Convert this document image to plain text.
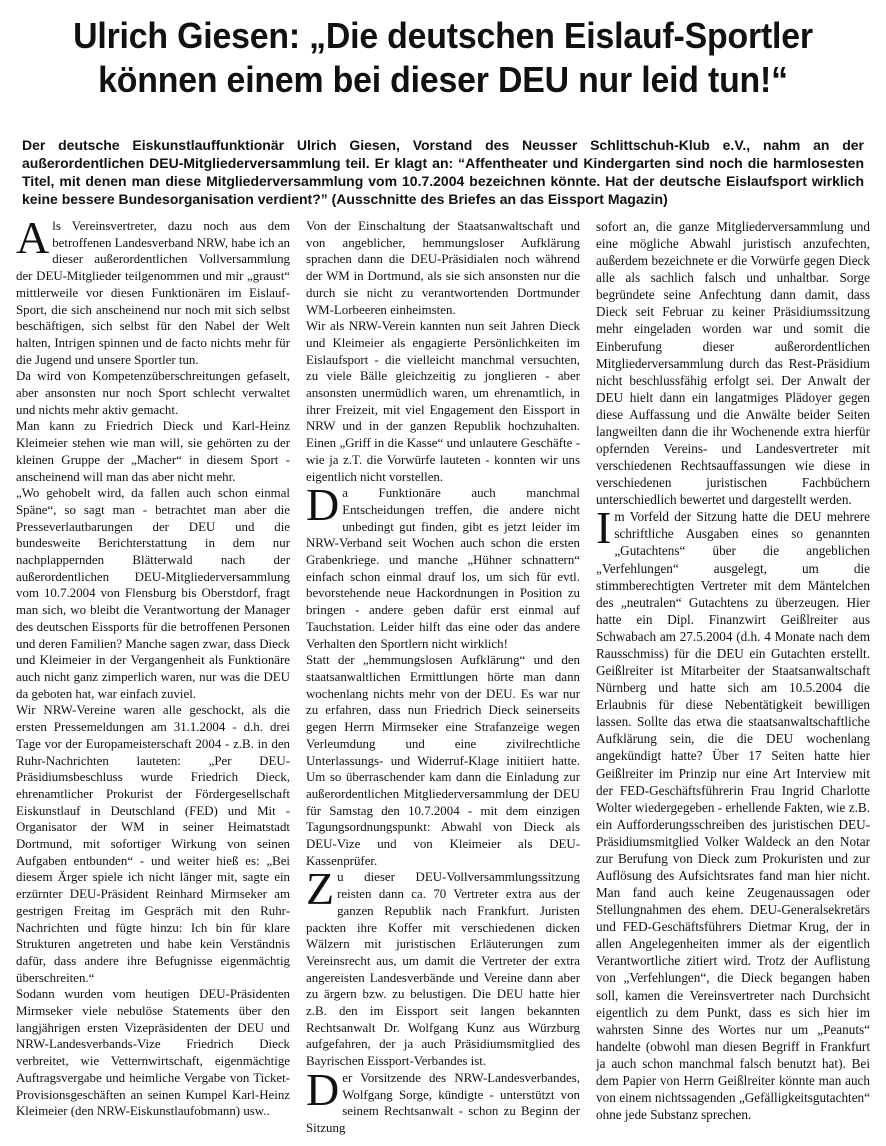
Ulrich Giesen: „Die deutschen Eislauf-Sportler
können einem bei dieser DEU nur leid tun!“

Der deutsche Eiskunstlauffunktionär Ulrich Giesen, Vorstand des Neusser Schlittschuh-Klub e.V., nahm an der außerordentlichen DEU-Mitgliederversammlung teil. Er klagt an: “Affentheater und Kindergarten sind noch die harmlosesten Titel, mit denen man diese Mitgliederversammlung vom 10.7.2004 bezeichnen könnte. Hat der deutsche Eislaufsport wirklich keine bessere Bundesorganisation verdient?” (Ausschnitte des Briefes an das Eissport Magazin)

Als Vereinsvertreter, dazu noch aus dem betroffenen Landesverband NRW, habe ich an dieser außerordentlichen Vollversammlung der DEU-Mitglieder teilgenommen und mir „graust“ mittlerweile vor diesen Funktionären im Eislauf-Sport, die sich anscheinend nur noch mit sich selbst beschäftigen, sich selbst für den Nabel der Welt halten, Intrigen spinnen und de facto nichts mehr für die Jugend und unsere Sportler tun.

Da wird von Kompetenzüberschreitungen gefaselt, aber ansonsten nur noch Sport schlecht verwaltet und nichts mehr aktiv gemacht.

Man kann zu Friedrich Dieck und Karl-Heinz Kleimeier stehen wie man will, sie gehörten zu der kleinen Gruppe der „Macher“ in diesem Sport - anscheinend will man das aber nicht mehr.

„Wo gehobelt wird, da fallen auch schon einmal Späne“, so sagt man - betrachtet man aber die Presseverlautbarungen der DEU und die bundesweite Berichterstattung in dem nur nachplappernden Blätterwald nach der außerordentlichen DEU-Mitgliederversammlung vom 10.7.2004 von Flensburg bis Oberstdorf, fragt man sich, wo bleibt die Verantwortung der Manager des deutschen Eissports für die betroffenen Personen und deren Familien? Manche sagen zwar, dass Dieck und Kleimeier in der Vergangenheit als Funktionäre auch nicht ganz zimperlich waren, nur was die DEU da geboten hat, war einfach zuviel.

Wir NRW-Vereine waren alle geschockt, als die ersten Pressemeldungen am 31.1.2004 - d.h. drei Tage vor der Europameisterschaft 2004 - z.B. in den Ruhr-Nachrichten lauteten: „Per DEU-Präsidiumsbeschluss wurde Friedrich Dieck, ehrenamtlicher Prokurist der Fördergesellschaft Eiskunstlauf in Deutschland (FED) und Mit - Organisator der WM in seiner Heimatstadt Dortmund, mit sofortiger Wirkung von seinen Aufgaben entbunden“ - und weiter hieß es: „Bei diesem Ärger spiele ich nicht länger mit, sagte ein erzürnter DEU-Präsident Reinhard Mirmseker am gestrigen Freitag im Gespräch mit den Ruhr-Nachrichten und fügte hinzu: Ich bin für klare Strukturen angetreten und habe kein Verständnis dafür, dass andere ihre Befugnisse eigenmächtig überschreiten.“

Sodann wurden vom heutigen DEU-Präsidenten Mirmseker viele nebulöse Statements über den langjährigen ersten Vizepräsidenten der DEU und NRW-Landesverbands-Vize Friedrich Dieck verbreitet, wie Vetternwirtschaft, eigenmächtige Auftragsvergabe und heimliche Vergabe von Ticket-Provisionsgeschäften an seinen Kumpel Karl-Heinz Kleimeier (den NRW-Eiskunstlaufobmann) usw..

Von der Einschaltung der Staatsanwaltschaft und von angeblicher, hemmungsloser Aufklärung sprachen dann die DEU-Präsidialen noch während der WM in Dortmund, als sie sich ansonsten nur die durch sie nicht zu verantwortenden Dortmunder WM-Lorbeeren einheimsten.

Wir als NRW-Verein kannten nun seit Jahren Dieck und Kleimeier als engagierte Persönlichkeiten im Eislaufsport - die vielleicht manchmal versuchten, zu viele Bälle gleichzeitig zu jonglieren - aber ansonsten unermüdlich waren, um ehrenamtlich, in ihrer Freizeit, mit viel Engagement den Eissport in NRW und in der ganzen Republik hochzuhalten. Einen „Griff in die Kasse“ und unlautere Geschäfte - wie ja z.T. die Vorwürfe lauteten - konnten wir uns eigentlich nicht vorstellen.

Da Funktionäre auch manchmal Entscheidungen treffen, die andere nicht unbedingt gut finden, gibt es jetzt leider im NRW-Verband seit Wochen auch schon die ersten Grabenkriege. und manche „Hühner schnattern“ einfach schon einmal drauf los, um sich für evtl. bevorstehende neue Hackordnungen in Position zu bringen - andere geben dafür erst einmal auf Tauchstation. Leider hilft das eine oder das andere Verhalten den Sportlern nicht wirklich!

Statt der „hemmungslosen Aufklärung“ und den staatsanwaltlichen Ermittlungen hörte man dann wochenlang nichts mehr von der DEU. Es war nur zu erfahren, dass nun Friedrich Dieck seinerseits gegen Herrn Mirmseker eine Strafanzeige wegen Verleumdung und eine zivilrechtliche Unterlassungs- und Widerruf-Klage initiiert hatte. Um so überraschender kam dann die Einladung zur außerordentlichen Mitgliederversammlung der DEU für Samstag den 10.7.2004 - mit dem einzigen Tagungsordnungspunkt: Abwahl von Dieck als DEU-Vize und von Kleimeier als DEU-Kassenprüfer.

Zu dieser DEU-Vollversammlungssitzung reisten dann ca. 70 Vertreter extra aus der ganzen Republik nach Frankfurt. Juristen packten ihre Koffer mit verschiedenen dicken Wälzern mit juristischen Erläuterungen zum Vereinsrecht aus, um damit die Vertreter der extra angereisten Landesverbände und Vereine dann aber zu ärgern bzw. zu belustigen. Die DEU hatte hier z.B. den im Eissport seit langen bekannten Rechtsanwalt Dr. Wolfgang Kunz aus Würzburg aufgefahren, der ja auch Präsidiumsmitglied des Bayrischen Eissport-Verbandes ist.

Der Vorsitzende des NRW-Landesverbandes, Wolfgang Sorge, kündigte - unterstützt von seinem Rechtsanwalt - schon zu Beginn der Sitzung

sofort an, die ganze Mitgliederversammlung und eine mögliche Abwahl juristisch anzufechten, außerdem bezeichnete er die Vorwürfe gegen Dieck alle als sachlich falsch und unhaltbar. Sorge begründete seine Anfechtung dann damit, dass Dieck seit Februar zu keiner Präsidiumssitzung mehr eingeladen worden war und somit die Einberufung dieser außerordentlichen Mitgliederversammlung durch das Rest-Präsidium nicht beschlussfähig erfolgt sei. Der Anwalt der DEU hielt dann ein langatmiges Plädoyer gegen diese Auffassung und die Anwälte beider Seiten langweilten dann die ihr Wochenende extra hierfür opfernden Vereins- und Landesvertreter mit verschiedenen Rechtsauffassungen wie diese in verschiedenen juristischen Fachbüchern unterschiedlich bewertet und dargestellt werden.

Im Vorfeld der Sitzung hatte die DEU mehrere schriftliche Ausgaben eines so genannten „Gutachtens“ über die angeblichen „Verfehlungen“ ausgelegt, um die stimmberechtigten Vertreter mit dem Mäntelchen des „neutralen“ Gutachtens zu überzeugen. Hier hatte ein Dipl. Finanzwirt Geißlreiter aus Schwabach am 27.5.2004 (d.h. 4 Monate nach dem Rausschmiss) für die DEU ein Gutachten erstellt. Geißlreiter ist Mitarbeiter der Staatsanwaltschaft Nürnberg und hatte sich am 10.5.2004 die Erlaubnis für diese Nebentätigkeit bewilligen lassen. Sollte das etwa die staatsanwaltschaftliche Aufklärung sein, die die DEU wochenlang angekündigt hatte? Über 17 Seiten hatte hier Geißlreiter im Prinzip nur eine Art Interview mit der FED-Geschäftsführerin Frau Ingrid Charlotte Wolter wiedergegeben - erhellende Fakten, wie z.B. ein Aufforderungsschreiben des juristischen DEU-Präsidiumsmitglied Volker Waldeck an den Notar zur Berufung von Dieck zum Prokuristen und zur Auflösung des Aufsichtsrates fand man hier nicht. Man fand auch keine Zeugenaussagen oder Stellungnahmen des ehem. DEU-Generalsekretärs und FED-Geschäftsführers Dietmar Krug, der in allen Angelegenheiten immer als der eigentlich Verantwortliche zitiert wird. Trotz der Auflistung von „Verfehlungen“, die Dieck begangen haben soll, kamen die Vereinsvertreter nach Durchsicht eigentlich zu dem Punkt, dass es sich hier im wahrsten Sinne des Wortes nur um „Peanuts“ handelte (obwohl man diesen Begriff in Frankfurt ja auch schon manchmal falsch benutzt hat). Bei dem Papier von Herrn Geißlreiter könnte man auch von einem nichtssagenden „Gefälligkeitsgutachten“ ohne jede Substanz sprechen.
